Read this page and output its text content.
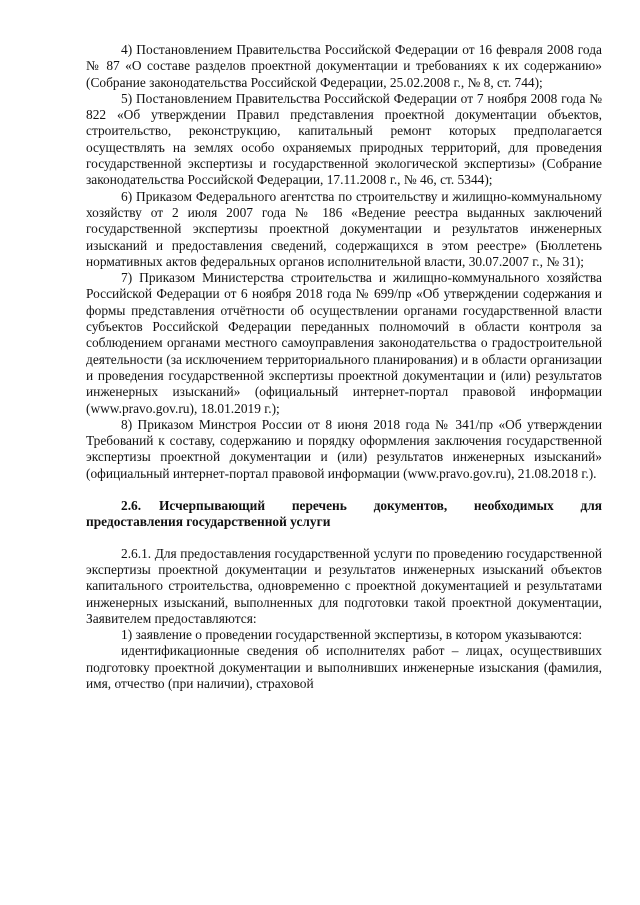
4) Постановлением Правительства Российской Федерации от 16 февраля 2008 года № 87 «О составе разделов проектной документации и требованиях к их содержанию» (Собрание законодательства Российской Федерации, 25.02.2008 г., № 8, ст. 744);

5) Постановлением Правительства Российской Федерации от 7 ноября 2008 года № 822 «Об утверждении Правил представления проектной документации объектов, строительство, реконструкцию, капитальный ремонт которых предполагается осуществлять на землях особо охраняемых природных территорий, для проведения государственной экспертизы и государственной экологической экспертизы» (Собрание законодательства Российской Федерации, 17.11.2008 г., № 46, ст. 5344);

6) Приказом Федерального агентства по строительству и жилищно-коммунальному хозяйству от 2 июля 2007 года № 186 «Ведение реестра выданных заключений государственной экспертизы проектной документации и результатов инженерных изысканий и предоставления сведений, содержащихся в этом реестре» (Бюллетень нормативных актов федеральных органов исполнительной власти, 30.07.2007 г., № 31);

7) Приказом Министерства строительства и жилищно-коммунального хозяйства Российской Федерации от 6 ноября 2018 года № 699/пр «Об утверждении содержания и формы представления отчётности об осуществлении органами государственной власти субъектов Российской Федерации переданных полномочий в области контроля за соблюдением органами местного самоуправления законодательства о градостроительной деятельности (за исключением территориального планирования) и в области организации и проведения государственной экспертизы проектной документации и (или) результатов инженерных изысканий» (официальный интернет-портал правовой информации (www.pravo.gov.ru), 18.01.2019 г.);

8) Приказом Минстроя России от 8 июня 2018 года № 341/пр «Об утверждении Требований к составу, содержанию и порядку оформления заключения государственной экспертизы проектной документации и (или) результатов инженерных изысканий» (официальный интернет-портал правовой информации (www.pravo.gov.ru), 21.08.2018 г.).

2.6. Исчерпывающий перечень документов, необходимых для предоставления государственной услуги

2.6.1. Для предоставления государственной услуги по проведению государственной экспертизы проектной документации и результатов инженерных изысканий объектов капитального строительства, одновременно с проектной документацией и результатами инженерных изысканий, выполненных для подготовки такой проектной документации, Заявителем предоставляются:

1) заявление о проведении государственной экспертизы, в котором указываются:

идентификационные сведения об исполнителях работ – лицах, осуществивших подготовку проектной документации и выполнивших инженерные изыскания (фамилия, имя, отчество (при наличии), страховой
